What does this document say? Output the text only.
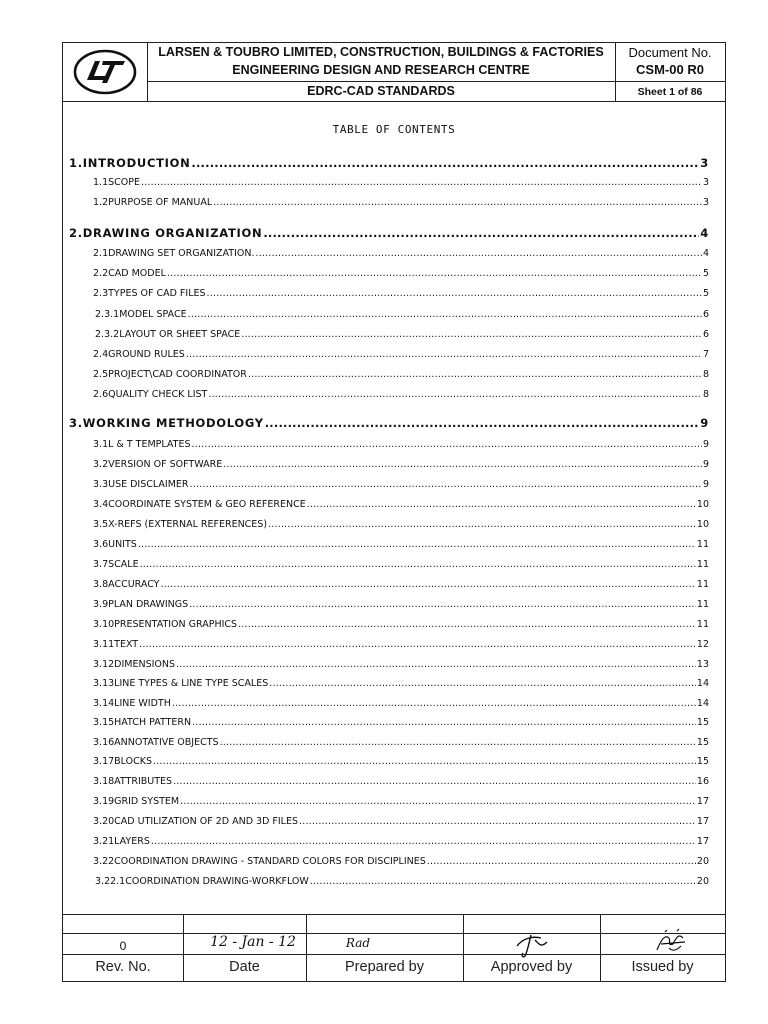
LARSEN & TOUBRO LIMITED, CONSTRUCTION, BUILDINGS & FACTORIES
ENGINEERING DESIGN AND RESEARCH CENTRE
EDRC-CAD STANDARDS
Document No.
CSM-00 R0
Sheet 1 of 86
TABLE OF CONTENTS
1. INTRODUCTION .....	3
1.1 SCOPE .....	3
1.2 PURPOSE OF MANUAL .....	3
2. DRAWING ORGANIZATION .....	4
2.1 DRAWING SET ORGANIZATION. .....	4
2.2 CAD MODEL .....	5
2.3 TYPES OF CAD FILES .....	5
2.3.1 MODEL SPACE .....	6
2.3.2 LAYOUT OR SHEET SPACE .....	6
2.4 GROUND RULES .....	7
2.5 PROJECT\CAD COORDINATOR .....	8
2.6 QUALITY CHECK LIST .....	8
3. WORKING METHODOLOGY .....	9
3.1 L & T TEMPLATES .....	9
3.2 VERSION OF SOFTWARE .....	9
3.3 USE DISCLAIMER .....	9
3.4 COORDINATE SYSTEM & GEO REFERENCE .....	10
3.5 X-REFS (EXTERNAL REFERENCES) .....	10
3.6 UNITS .....	11
3.7 SCALE .....	11
3.8 ACCURACY .....	11
3.9 PLAN DRAWINGS .....	11
3.10 PRESENTATION GRAPHICS .....	11
3.11 TEXT .....	12
3.12 DIMENSIONS .....	13
3.13 LINE TYPES & LINE TYPE SCALES .....	14
3.14 LINE WIDTH .....	14
3.15 HATCH PATTERN .....	15
3.16 ANNOTATIVE OBJECTS .....	15
3.17 BLOCKS .....	15
3.18 ATTRIBUTES .....	16
3.19 GRID SYSTEM .....	17
3.20 CAD UTILIZATION OF 2D AND 3D FILES .....	17
3.21 LAYERS .....	17
3.22 COORDINATION DRAWING - STANDARD COLORS FOR DISCIPLINES .....	20
3.22.1 COORDINATION DRAWING-WORKFLOW .....	20
0	12 - Jan - 12	Rad
Rev. No.	Date	Prepared by	Approved by	Issued by
